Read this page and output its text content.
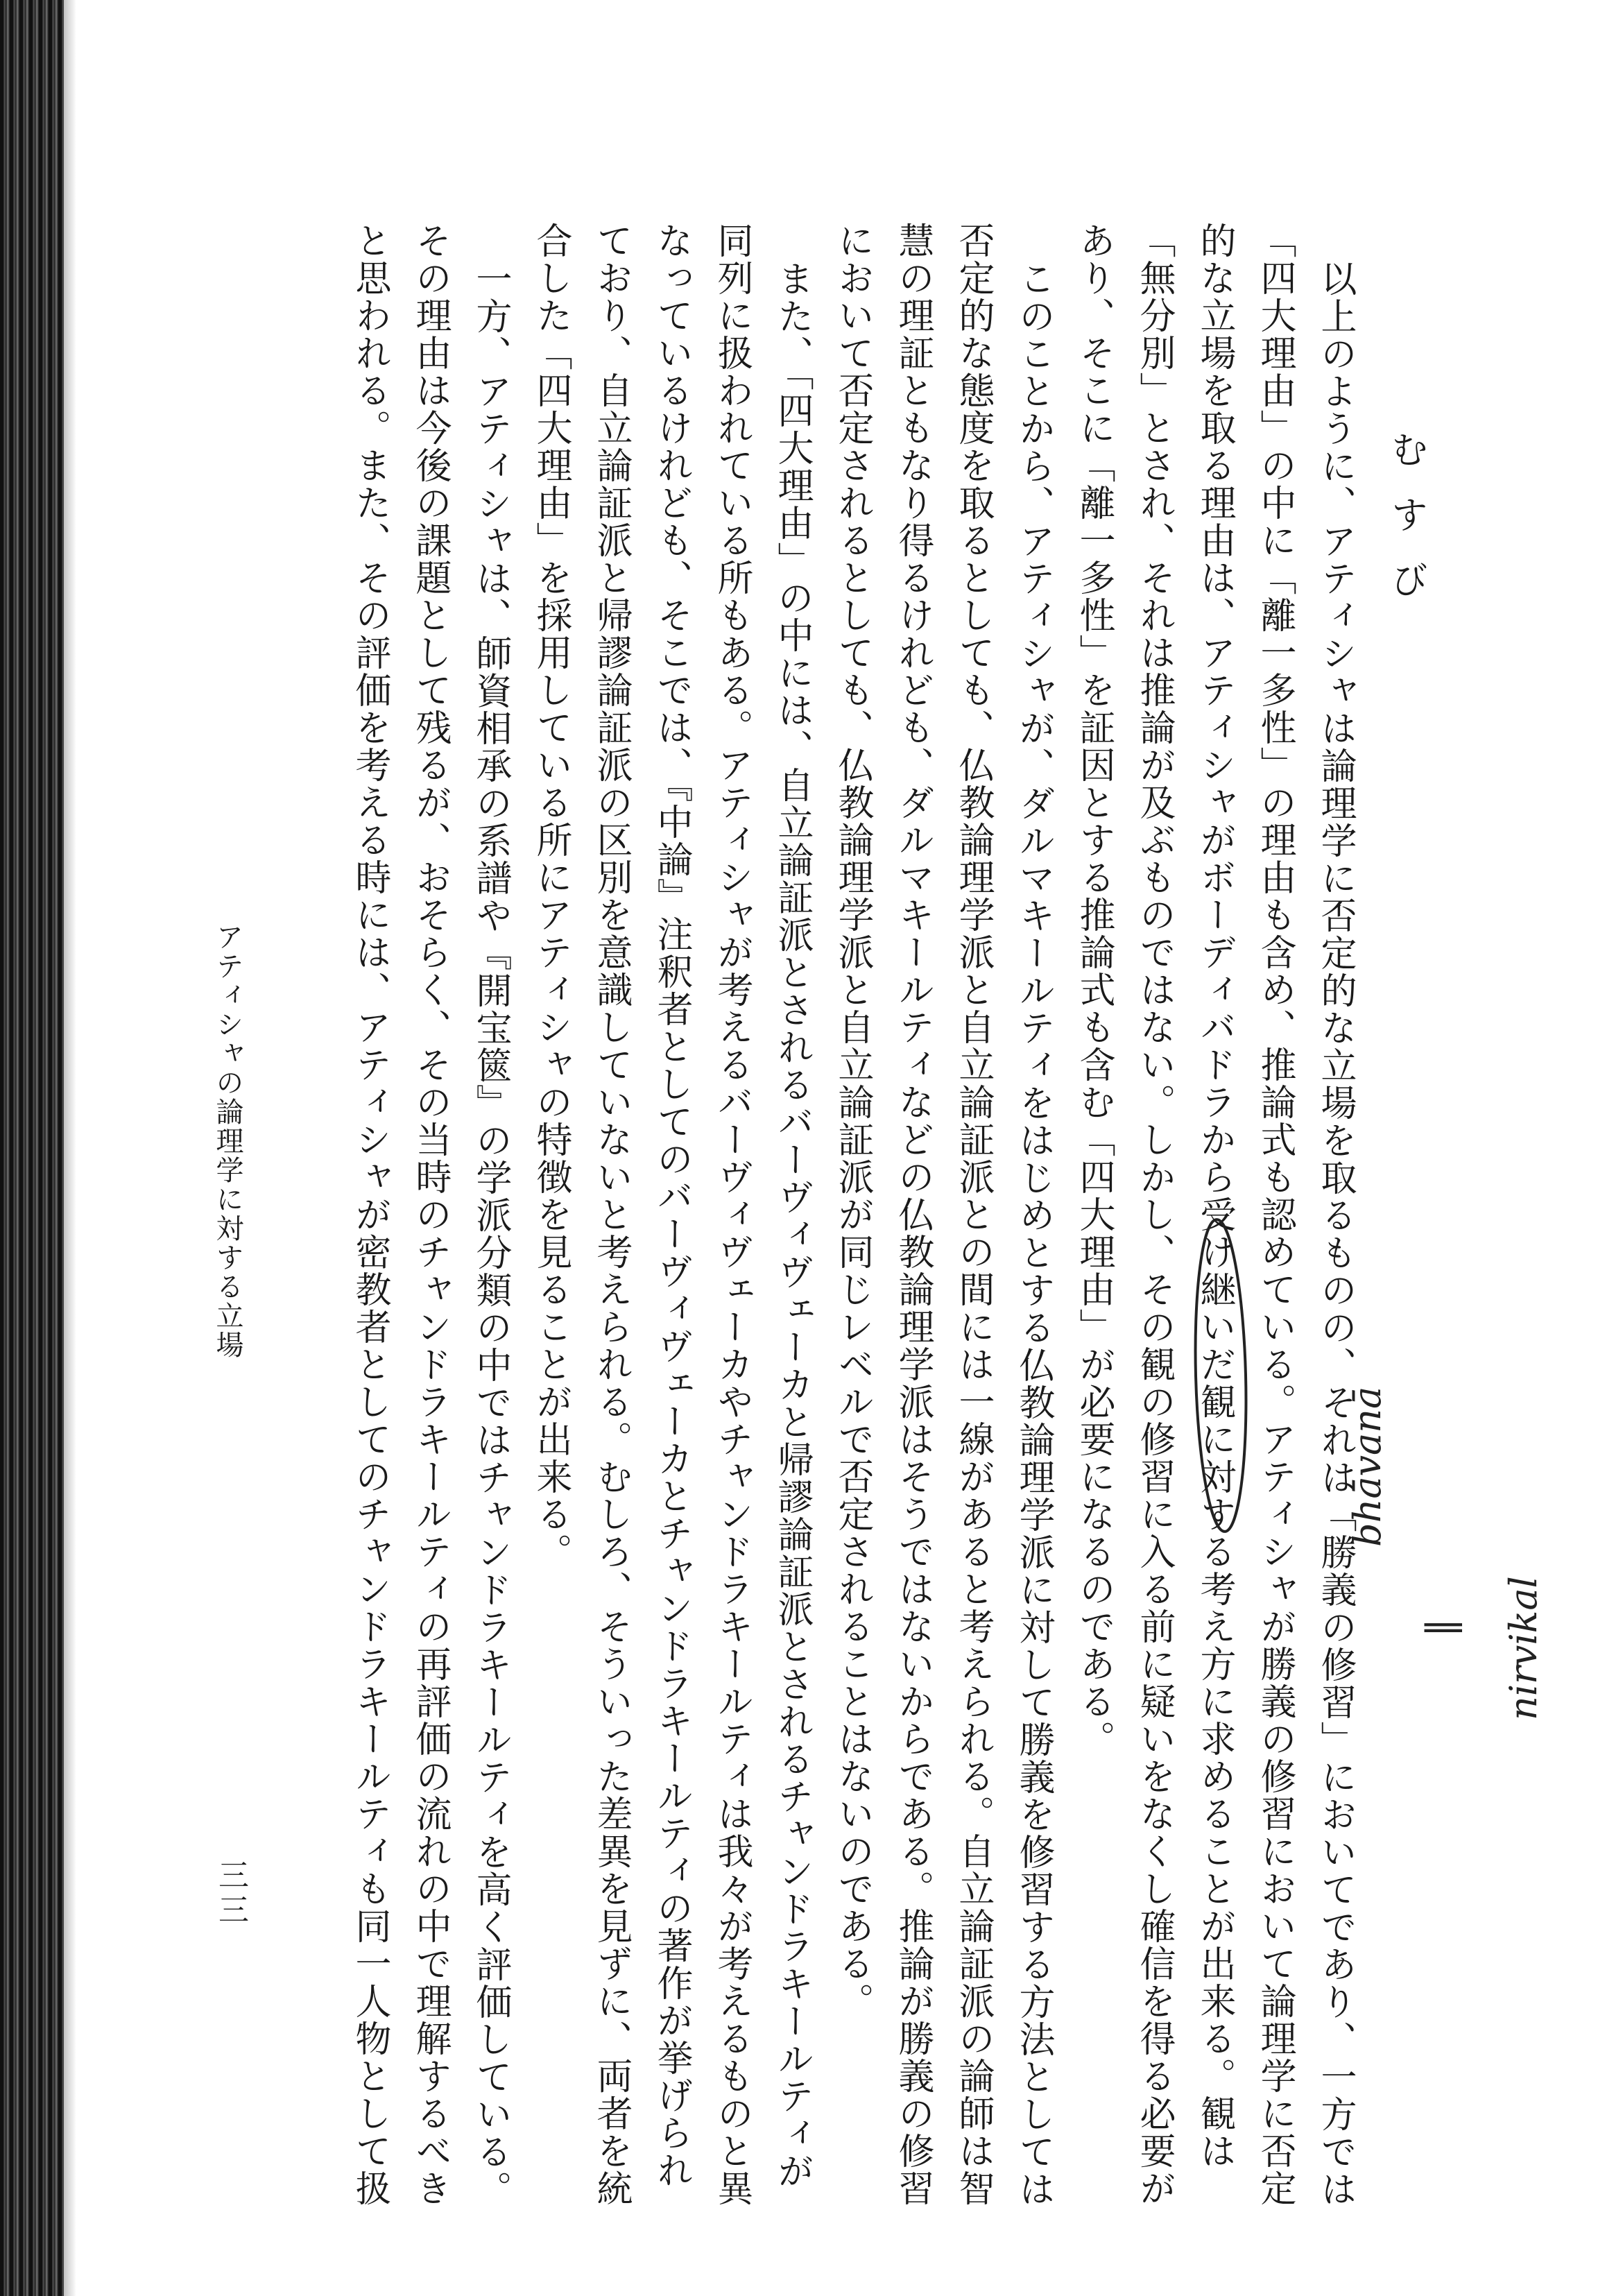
むすび
以上のように、アティシャは論理学に否定的な立場を取るものの、それは「勝義の修習」においてであり、一方では
「四大理由」の中に「離一多性」の理由も含め、推論式も認めている。アティシャが勝義の修習において論理学に否定
的な立場を取る理由は、アティシャがボーディバドラから受け継いだ観に対する考え方に求めることが出来る。観は
「無分別」とされ、それは推論が及ぶものではない。しかし、その観の修習に入る前に疑いをなくし確信を得る必要が
あり、そこに「離一多性」を証因とする推論式も含む「四大理由」が必要になるのである。
このことから、アティシャが、ダルマキールティをはじめとする仏教論理学派に対して勝義を修習する方法としては
否定的な態度を取るとしても、仏教論理学派と自立論証派との間には一線があると考えられる。自立論証派の論師は智
慧の理証ともなり得るけれども、ダルマキールティなどの仏教論理学派はそうではないからである。推論が勝義の修習
において否定されるとしても、仏教論理学派と自立論証派が同じレベルで否定されることはないのである。
また、「四大理由」の中には、自立論証派とされるバーヴィヴェーカと帰謬論証派とされるチャンドラキールティが
同列に扱われている所もある。アティシャが考えるバーヴィヴェーカやチャンドラキールティは我々が考えるものと異
なっているけれども、そこでは、『中論』注釈者としてのバーヴィヴェーカとチャンドラキールティの著作が挙げられ
ており、自立論証派と帰謬論証派の区別を意識していないと考えられる。むしろ、そういった差異を見ずに、両者を統
合した「四大理由」を採用している所にアティシャの特徴を見ることが出来る。
一方、アティシャは、師資相承の系譜や『開宝篋』の学派分類の中ではチャンドラキールティを高く評価している。
その理由は今後の課題として残るが、おそらく、その当時のチャンドラキールティの再評価の流れの中で理解するべき
と思われる。また、その評価を考える時には、アティシャが密教者としてのチャンドラキールティも同一人物として扱
アティシャの論理学に対する立場
三三
bhāvanā
‖ nirvikal
